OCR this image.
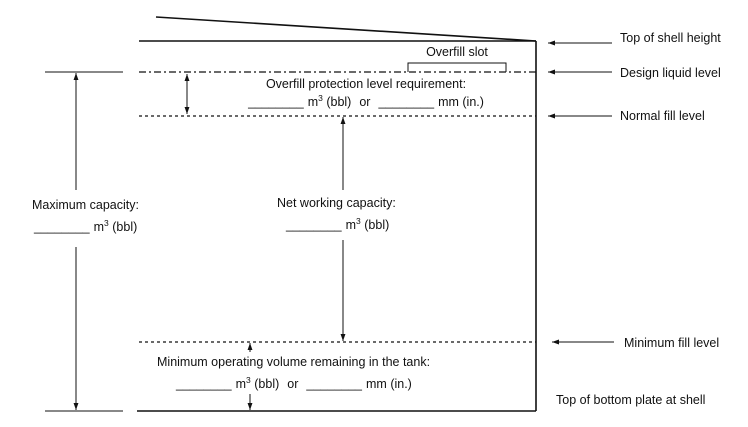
Overfill slot
Top of shell height
Design liquid level
Normal fill level
Minimum fill level
Top of bottom plate at shell
Overfill protection level requirement:
________ $m^3$ (bbl) or ________ mm (in.)
Maximum capacity:
________ $m^3$ (bbl)
Net working capacity:
________ $m^3$ (bbl)
Minimum operating volume remaining in the tank:
________ $m^3$ (bbl) or ________ mm (in.)
